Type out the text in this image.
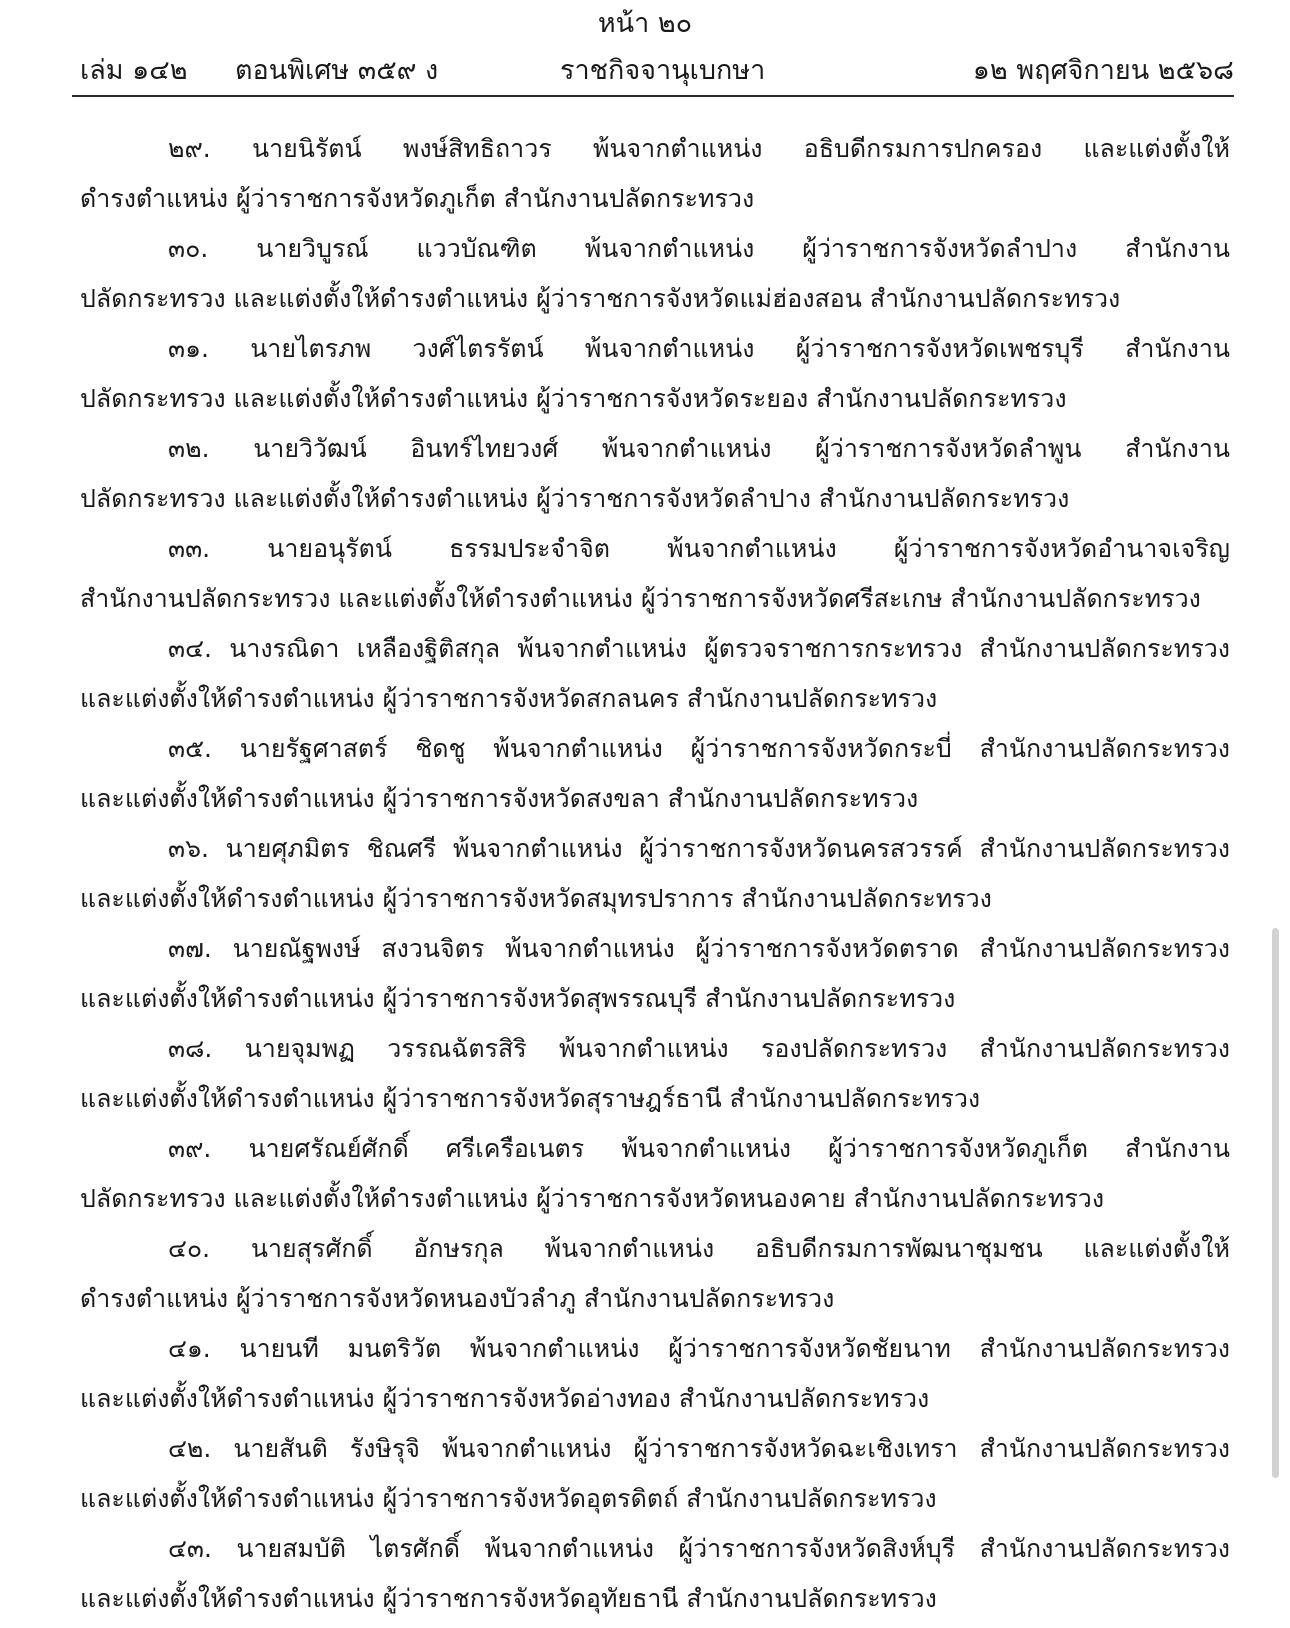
หน้า ๒๐
เล่ม ๑๔๒ ตอนพิเศษ ๓๕๙ ง	ราชกิจจานุเบกษา	๑๒ พฤศจิกายน ๒๕๖๘
๒๙. นายนิรัตน์ พงษ์สิทธิถาวร พ้นจากตำแหน่ง อธิบดีกรมการปกครอง และแต่งตั้งให้
ดำรงตำแหน่ง ผู้ว่าราชการจังหวัดภูเก็ต สำนักงานปลัดกระทรวง
๓๐. นายวิบูรณ์ แววบัณฑิต พ้นจากตำแหน่ง ผู้ว่าราชการจังหวัดลำปาง สำนักงาน
ปลัดกระทรวง และแต่งตั้งให้ดำรงตำแหน่ง ผู้ว่าราชการจังหวัดแม่ฮ่องสอน สำนักงานปลัดกระทรวง
๓๑. นายไตรภพ วงศ์ไตรรัตน์ พ้นจากตำแหน่ง ผู้ว่าราชการจังหวัดเพชรบุรี สำนักงาน
ปลัดกระทรวง และแต่งตั้งให้ดำรงตำแหน่ง ผู้ว่าราชการจังหวัดระยอง สำนักงานปลัดกระทรวง
๓๒. นายวิวัฒน์ อินทร์ไทยวงศ์ พ้นจากตำแหน่ง ผู้ว่าราชการจังหวัดลำพูน สำนักงาน
ปลัดกระทรวง และแต่งตั้งให้ดำรงตำแหน่ง ผู้ว่าราชการจังหวัดลำปาง สำนักงานปลัดกระทรวง
๓๓. นายอนุรัตน์ ธรรมประจำจิต พ้นจากตำแหน่ง ผู้ว่าราชการจังหวัดอำนาจเจริญ
สำนักงานปลัดกระทรวง และแต่งตั้งให้ดำรงตำแหน่ง ผู้ว่าราชการจังหวัดศรีสะเกษ สำนักงานปลัดกระทรวง
๓๔. นางรณิดา เหลืองฐิติสกุล พ้นจากตำแหน่ง ผู้ตรวจราชการกระทรวง สำนักงานปลัดกระทรวง
และแต่งตั้งให้ดำรงตำแหน่ง ผู้ว่าราชการจังหวัดสกลนคร สำนักงานปลัดกระทรวง
๓๕. นายรัฐศาสตร์ ชิดชู พ้นจากตำแหน่ง ผู้ว่าราชการจังหวัดกระบี่ สำนักงานปลัดกระทรวง
และแต่งตั้งให้ดำรงตำแหน่ง ผู้ว่าราชการจังหวัดสงขลา สำนักงานปลัดกระทรวง
๓๖. นายศุภมิตร ชิณศรี พ้นจากตำแหน่ง ผู้ว่าราชการจังหวัดนครสวรรค์ สำนักงานปลัดกระทรวง
และแต่งตั้งให้ดำรงตำแหน่ง ผู้ว่าราชการจังหวัดสมุทรปราการ สำนักงานปลัดกระทรวง
๓๗. นายณัฐพงษ์ สงวนจิตร พ้นจากตำแหน่ง ผู้ว่าราชการจังหวัดตราด สำนักงานปลัดกระทรวง
และแต่งตั้งให้ดำรงตำแหน่ง ผู้ว่าราชการจังหวัดสุพรรณบุรี สำนักงานปลัดกระทรวง
๓๘. นายจุมพฏ วรรณฉัตรสิริ พ้นจากตำแหน่ง รองปลัดกระทรวง สำนักงานปลัดกระทรวง
และแต่งตั้งให้ดำรงตำแหน่ง ผู้ว่าราชการจังหวัดสุราษฎร์ธานี สำนักงานปลัดกระทรวง
๓๙. นายศรัณย์ศักดิ์ ศรีเครือเนตร พ้นจากตำแหน่ง ผู้ว่าราชการจังหวัดภูเก็ต สำนักงาน
ปลัดกระทรวง และแต่งตั้งให้ดำรงตำแหน่ง ผู้ว่าราชการจังหวัดหนองคาย สำนักงานปลัดกระทรวง
๔๐. นายสุรศักดิ์ อักษรกุล พ้นจากตำแหน่ง อธิบดีกรมการพัฒนาชุมชน และแต่งตั้งให้
ดำรงตำแหน่ง ผู้ว่าราชการจังหวัดหนองบัวลำภู สำนักงานปลัดกระทรวง
๔๑. นายนที มนตริวัต พ้นจากตำแหน่ง ผู้ว่าราชการจังหวัดชัยนาท สำนักงานปลัดกระทรวง
และแต่งตั้งให้ดำรงตำแหน่ง ผู้ว่าราชการจังหวัดอ่างทอง สำนักงานปลัดกระทรวง
๔๒. นายสันติ รังษิรุจิ พ้นจากตำแหน่ง ผู้ว่าราชการจังหวัดฉะเชิงเทรา สำนักงานปลัดกระทรวง
และแต่งตั้งให้ดำรงตำแหน่ง ผู้ว่าราชการจังหวัดอุตรดิตถ์ สำนักงานปลัดกระทรวง
๔๓. นายสมบัติ ไตรศักดิ์ พ้นจากตำแหน่ง ผู้ว่าราชการจังหวัดสิงห์บุรี สำนักงานปลัดกระทรวง
และแต่งตั้งให้ดำรงตำแหน่ง ผู้ว่าราชการจังหวัดอุทัยธานี สำนักงานปลัดกระทรวง
